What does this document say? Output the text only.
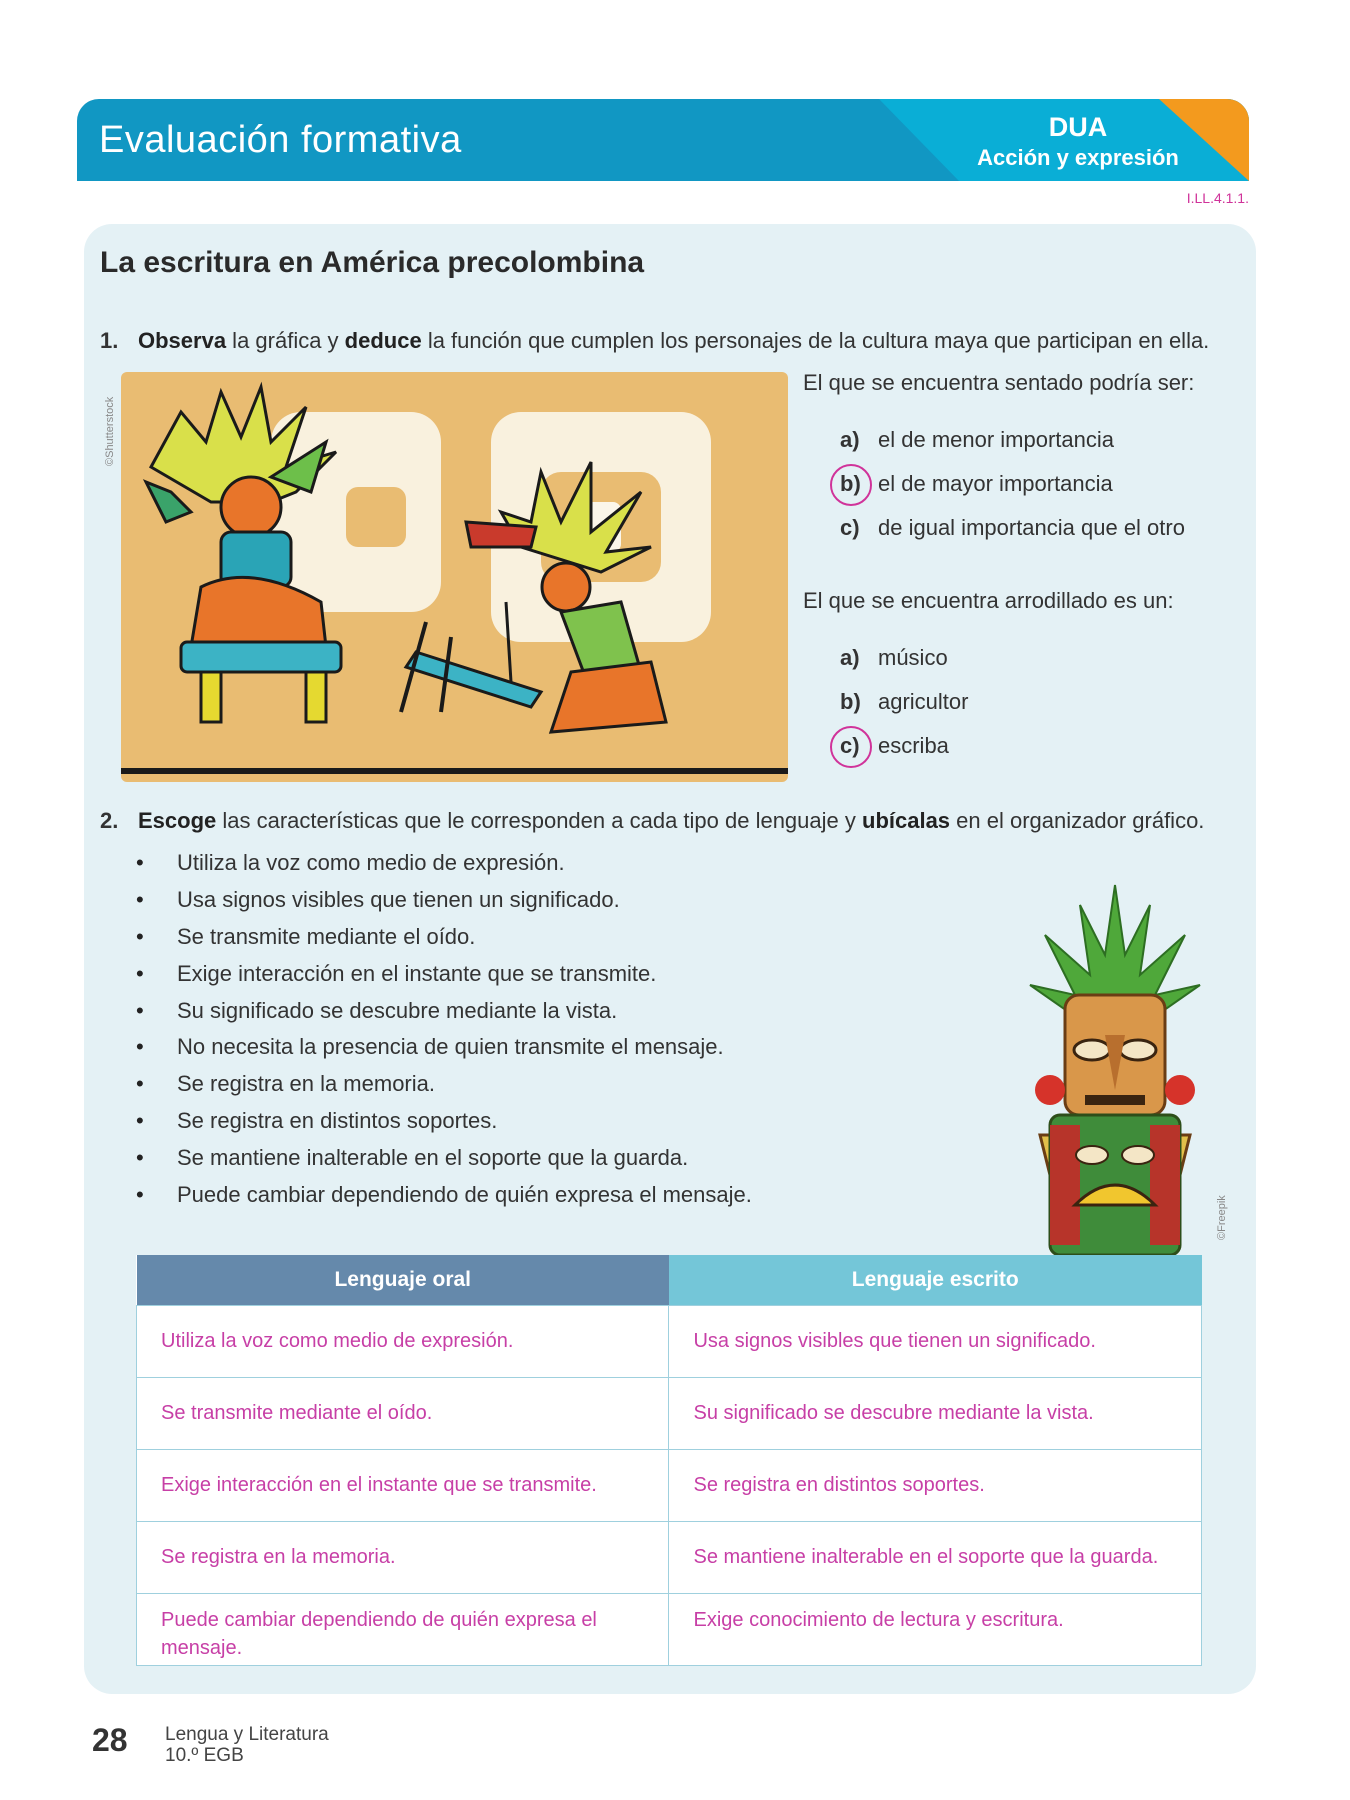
Evaluación formativa	DUA
Acción y expresión
I.LL.4.1.1.
La escritura en América precolombina
1. Observa la gráfica y deduce la función que cumplen los personajes de la cultura maya que participan en ella.
©Shutterstock
El que se encuentra sentado podría ser:
a) el de menor importancia
b) el de mayor importancia
c) de igual importancia que el otro
El que se encuentra arrodillado es un:
a) músico
b) agricultor
c) escriba
2. Escoge las características que le corresponden a cada tipo de lenguaje y ubícalas en el organizador gráfico.
• Utiliza la voz como medio de expresión.
• Usa signos visibles que tienen un significado.
• Se transmite mediante el oído.
• Exige interacción en el instante que se transmite.
• Su significado se descubre mediante la vista.
• No necesita la presencia de quien transmite el mensaje.
• Se registra en la memoria.
• Se registra en distintos soportes.
• Se mantiene inalterable en el soporte que la guarda.
• Puede cambiar dependiendo de quién expresa el mensaje.
©Freepik
Lenguaje oral	Lenguaje escrito
Utiliza la voz como medio de expresión.	Usa signos visibles que tienen un significado.
Se transmite mediante el oído.	Su significado se descubre mediante la vista.
Exige interacción en el instante que se transmite.	Se registra en distintos soportes.
Se registra en la memoria.	Se mantiene inalterable en el soporte que la guarda.
Puede cambiar dependiendo de quién expresa el mensaje.	Exige conocimiento de lectura y escritura.
28 Lengua y Literatura
10.º EGB
